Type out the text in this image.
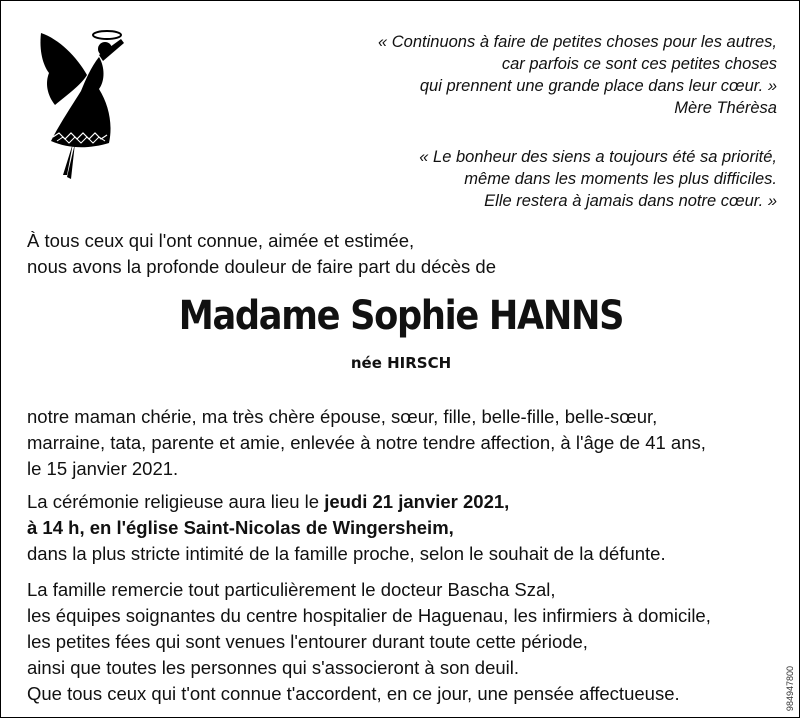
« Continuons à faire de petites choses pour les autres,
car parfois ce sont ces petites choses
qui prennent une grande place dans leur cœur. »
Mère Thérèsa
« Le bonheur des siens a toujours été sa priorité,
même dans les moments les plus difficiles.
Elle restera à jamais dans notre cœur. »
À tous ceux qui l'ont connue, aimée et estimée,
nous avons la profonde douleur de faire part du décès de
Madame Sophie HANNS
née HIRSCH
notre maman chérie, ma très chère épouse, sœur, fille, belle-fille, belle-sœur,
marraine, tata, parente et amie, enlevée à notre tendre affection, à l'âge de 41 ans,
le 15 janvier 2021.
La cérémonie religieuse aura lieu le jeudi 21 janvier 2021,
à 14 h, en l'église Saint-Nicolas de Wingersheim,
dans la plus stricte intimité de la famille proche, selon le souhait de la défunte.
La famille remercie tout particulièrement le docteur Bascha Szal,
les équipes soignantes du centre hospitalier de Haguenau, les infirmiers à domicile,
les petites fées qui sont venues l'entourer durant toute cette période,
ainsi que toutes les personnes qui s'associeront à son deuil.
Que tous ceux qui t'ont connue t'accordent, en ce jour, une pensée affectueuse.	984947800
